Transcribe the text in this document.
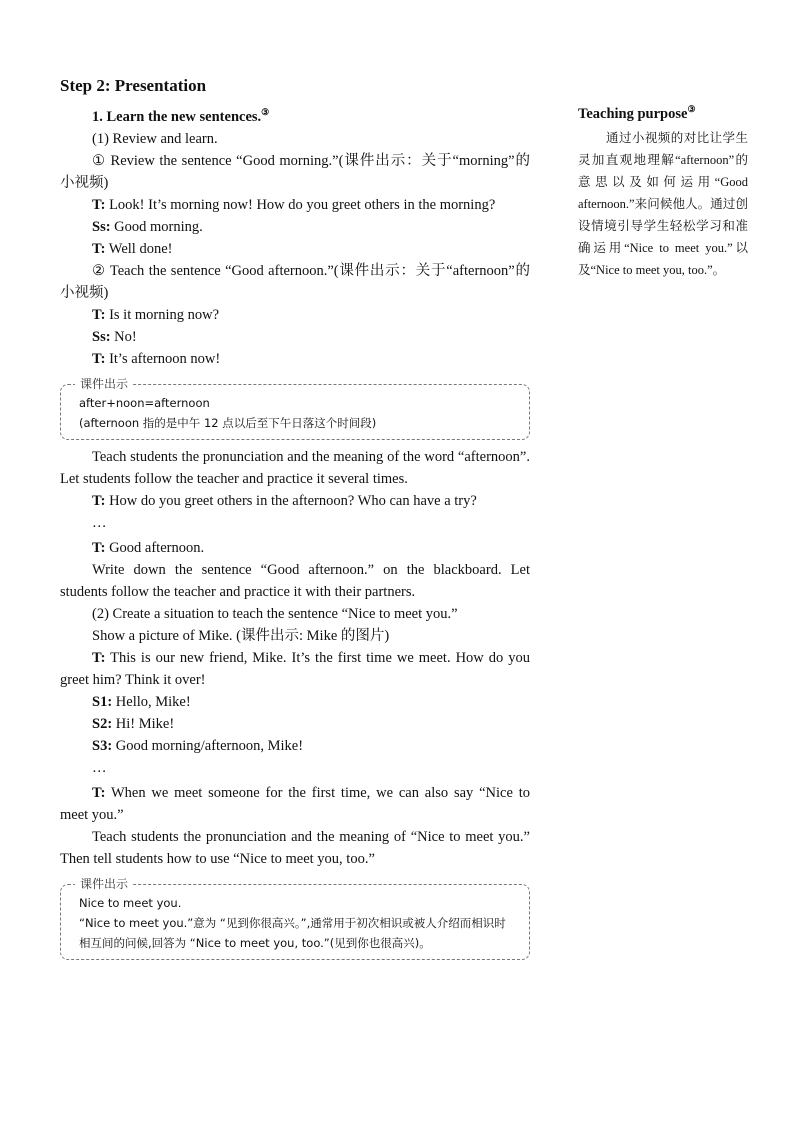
Step 2: Presentation

1. Learn the new sentences.③

(1) Review and learn.

① Review the sentence “Good morning.”(课件出示：关于“morning”的小视频)

T: Look! It’s morning now! How do you greet others in the morning?

Ss: Good morning.

T: Well done!

② Teach the sentence “Good afternoon.”(课件出示：关于“afternoon”的小视频)

T: Is it morning now?

Ss: No!

T: It’s afternoon now!

课件出示
after+noon=afternoon
(afternoon 指的是中午 12 点以后至下午日落这个时间段)

Teach students the pronunciation and the meaning of the word “afternoon”. Let students follow the teacher and practice it several times.

T: How do you greet others in the afternoon? Who can have a try?

…

T: Good afternoon.

Write down the sentence “Good afternoon.” on the blackboard. Let students follow the teacher and practice it with their partners.

(2) Create a situation to teach the sentence “Nice to meet you.”

Show a picture of Mike. (课件出示: Mike 的图片)

T: This is our new friend, Mike. It’s the first time we meet. How do you greet him? Think it over!

S1: Hello, Mike!

S2: Hi! Mike!

S3: Good morning/afternoon, Mike!

…

T: When we meet someone for the first time, we can also say “Nice to meet you.”

Teach students the pronunciation and the meaning of “Nice to meet you.” Then tell students how to use “Nice to meet you, too.”

课件出示
Nice to meet you.
“Nice to meet you.”意为 “见到你很高兴。”,通常用于初次相识或被人介绍而相识时相互间的问候,回答为 “Nice to meet you, too.”(见到你也很高兴)。

Teaching purpose③

通过小视频的对比让学生灵加直观地理解“afternoon”的意思以及如何运用“Good afternoon.”来问候他人。通过创设情境引导学生轻松学习和准确运用“Nice to meet you.”以及“Nice to meet you, too.”。
